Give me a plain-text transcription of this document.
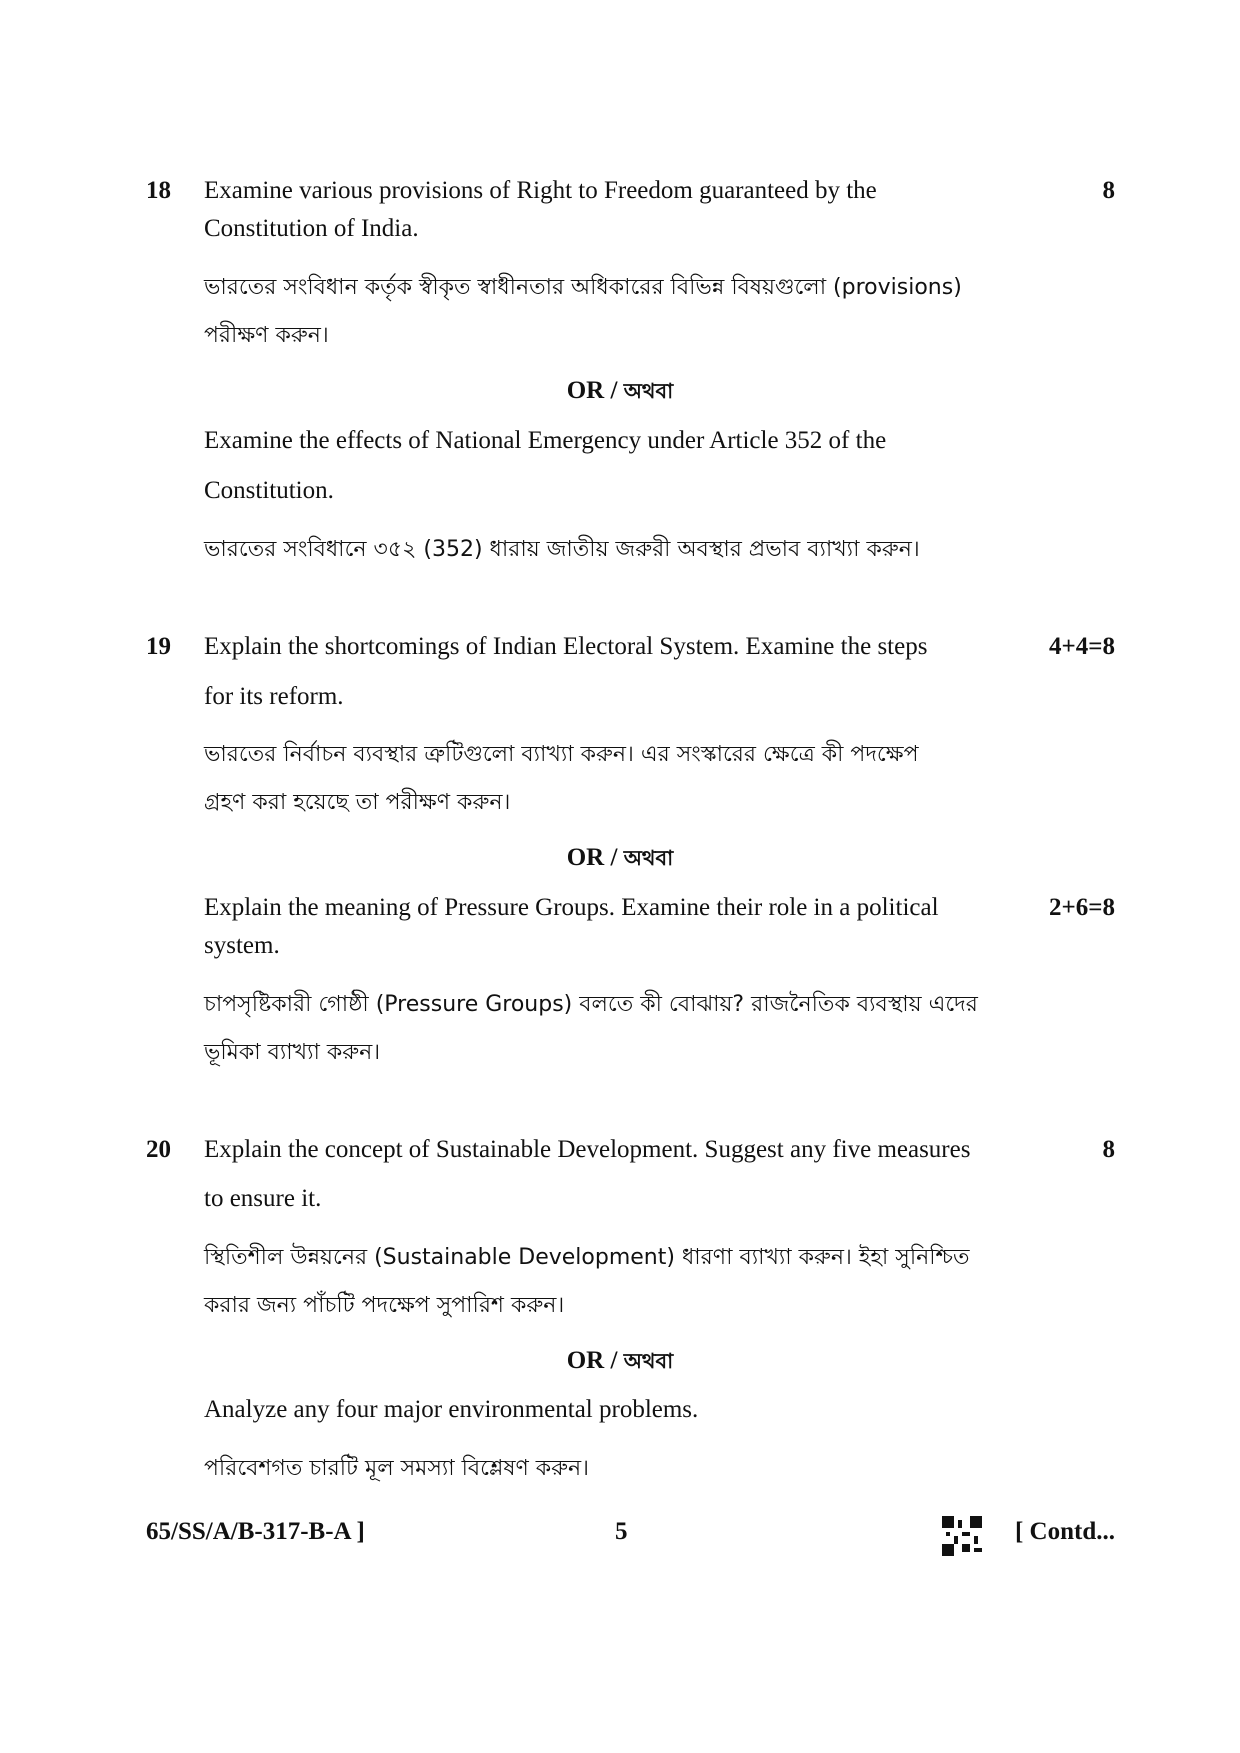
18	8
Examine various provisions of Right to Freedom guaranteed by the
Constitution of India.
ভারতের সংবিধান কর্তৃক স্বীকৃত স্বাধীনতার অধিকারের বিভিন্ন বিষয়গুলো (provisions)
পরীক্ষণ করুন।
OR / অথবা
Examine the effects of National Emergency under Article 352 of the
Constitution.
ভারতের সংবিধানে ৩৫২ (352) ধারায় জাতীয় জরুরী অবস্থার প্রভাব ব্যাখ্যা করুন।
19	4+4=8
Explain the shortcomings of Indian Electoral System. Examine the steps
for its reform.
ভারতের নির্বাচন ব্যবস্থার ত্রুটিগুলো ব্যাখ্যা করুন। এর সংস্কারের ক্ষেত্রে কী পদক্ষেপ
গ্রহণ করা হয়েছে তা পরীক্ষণ করুন।
OR / অথবা
2+6=8
Explain the meaning of Pressure Groups. Examine their role in a political
system.
চাপসৃষ্টিকারী গোষ্ঠী (Pressure Groups) বলতে কী বোঝায়? রাজনৈতিক ব্যবস্থায় এদের
ভূমিকা ব্যাখ্যা করুন।
20	8
Explain the concept of Sustainable Development. Suggest any five measures
to ensure it.
স্থিতিশীল উন্নয়নের (Sustainable Development) ধারণা ব্যাখ্যা করুন। ইহা সুনিশ্চিত
করার জন্য পাঁচটি পদক্ষেপ সুপারিশ করুন।
OR / অথবা
Analyze any four major environmental problems.
পরিবেশগত চারটি মূল সমস্যা বিশ্লেষণ করুন।
65/SS/A/B-317-B-A ]	5	[ Contd...
